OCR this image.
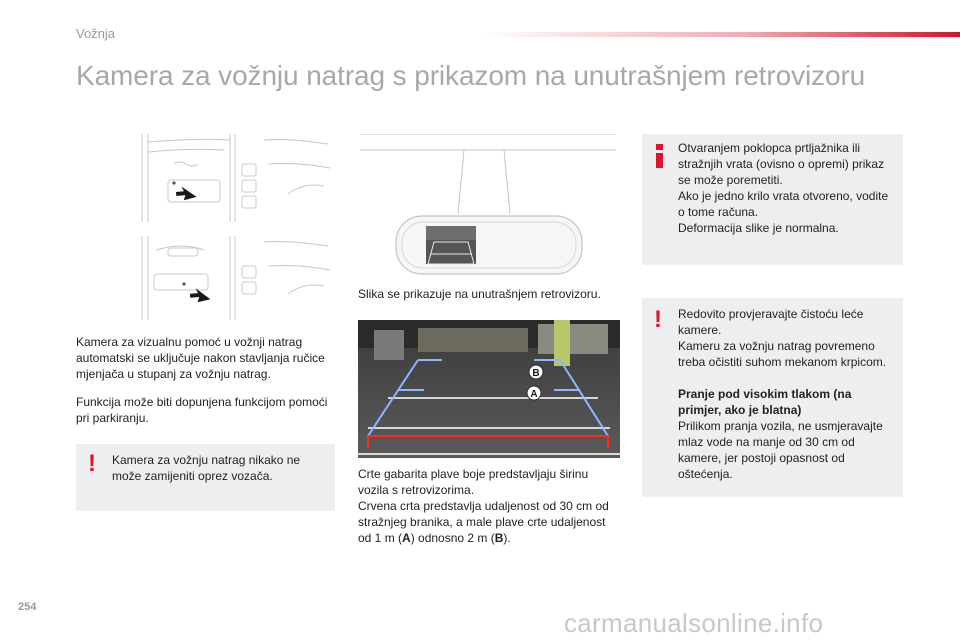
Vožnja
Kamera za vožnju natrag s prikazom na unutrašnjem retrovizoru

Kamera za vizualnu pomoć u vožnji natrag automatski se uključuje nakon stavljanja ručice mjenjača u stupanj za vožnju natrag.

Funkcija može biti dopunjena funkcijom pomoći pri parkiranju.

! Kamera za vožnju natrag nikako ne može zamijeniti oprez vozača.
Slika se prikazuje na unutrašnjem retrovizoru.
B
A

Crte gabarita plave boje predstavljaju širinu vozila s retrovizorima.

Crvena crta predstavlja udaljenost od 30 cm od stražnjeg branika, a male plave crte udaljenost od 1 m (A) odnosno 2 m (B).

Otvaranjem poklopca prtljažnika ili stražnjih vrata (ovisno o opremi) prikaz se može poremetiti.

Ako je jedno krilo vrata otvoreno, vodite o tome računa.

Deformacija slike je normalna.

! Redovito provjeravajte čistoću leće kamere.

Kameru za vožnju natrag povremeno treba očistiti suhom mekanom krpicom.

Pranje pod visokim tlakom (na primjer, ako je blatna)

Prilikom pranja vozila, ne usmjeravajte mlaz vode na manje od 30 cm od kamere, jer postoji opasnost od oštećenja.

254
carmanualsonline.info
